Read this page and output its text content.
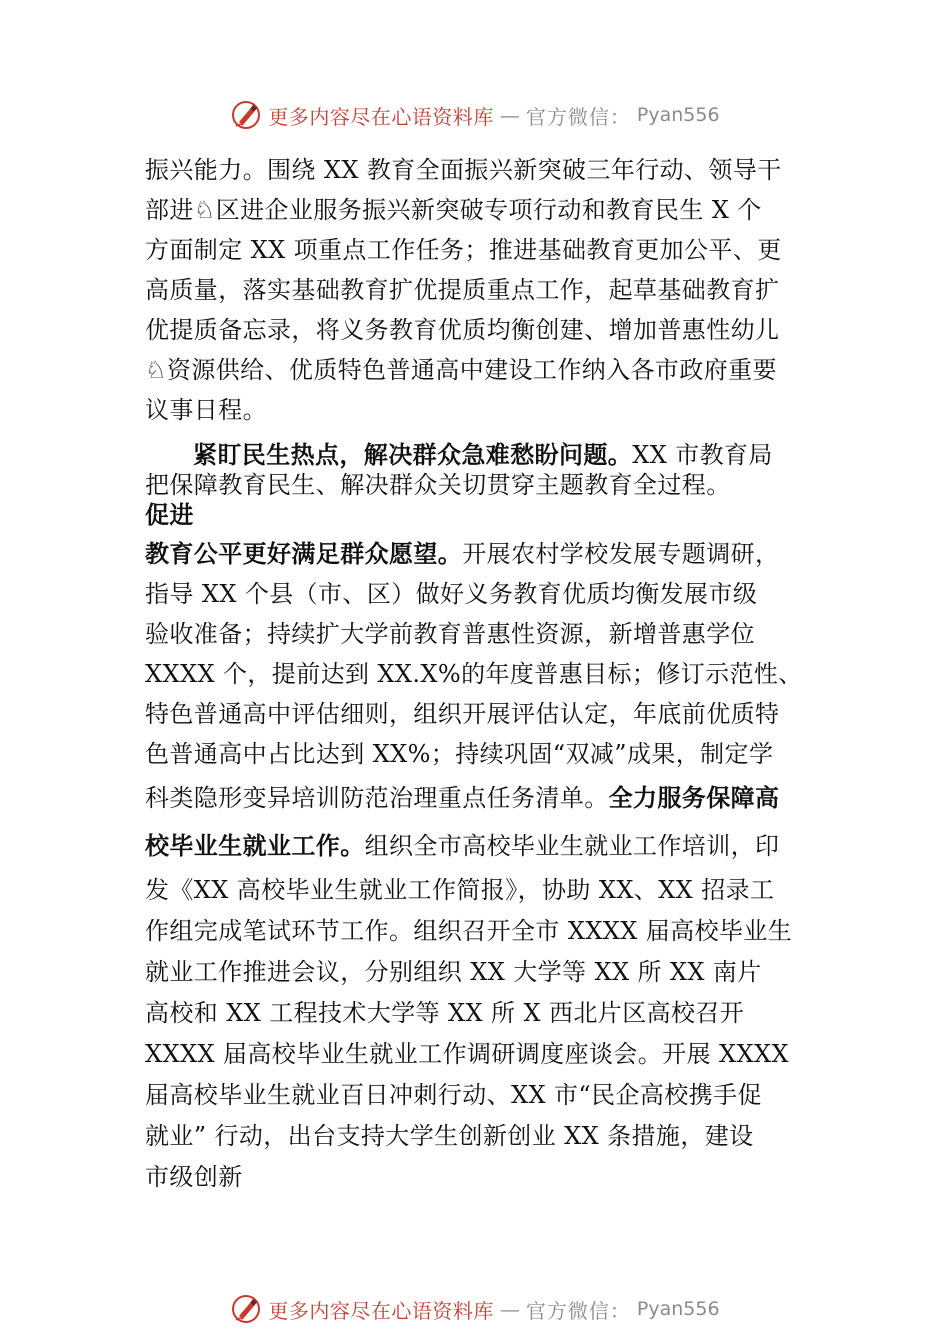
更多内容尽在心语资料库 — 官方微信： Pyan556

振兴能力。围绕 XX 教育全面振兴新突破三年行动、领导干
部进♘区进企业服务振兴新突破专项行动和教育民生 X 个
方面制定 XX 项重点工作任务；推进基础教育更加公平、更
高质量，落实基础教育扩优提质重点工作，起草基础教育扩
优提质备忘录，将义务教育优质均衡创建、增加普惠性幼儿
♘资源供给、优质特色普通高中建设工作纳入各市政府重要
议事日程。

紧盯民生热点，解决群众急难愁盼问题。XX 市教育局
把保障教育民生、解决群众关切贯穿主题教育全过程。

促进

教育公平更好满足群众愿望。开展农村学校发展专题调研，
指导 XX 个县（市、区）做好义务教育优质均衡发展市级
验收准备；持续扩大学前教育普惠性资源，新增普惠学位
XXXX 个，提前达到 XX.X%的年度普惠目标；修订示范性、
特色普通高中评估细则，组织开展评估认定，年底前优质特
色普通高中占比达到 XX%；持续巩固“双减”成果，制定学
科类隐形变异培训防范治理重点任务清单。全力服务保障高

校毕业生就业工作。组织全市高校毕业生就业工作培训，印
发《XX 高校毕业生就业工作简报》，协助 XX、XX 招录工
作组完成笔试环节工作。组织召开全市 XXXX 届高校毕业生
就业工作推进会议，分别组织 XX 大学等 XX 所 XX 南片
高校和 XX 工程技术大学等 XX 所 X 西北片区高校召开
XXXX 届高校毕业生就业工作调研调度座谈会。开展 XXXX
届高校毕业生就业百日冲刺行动、XX 市“民企高校携手促
就业” 行动，出台支持大学生创新创业 XX 条措施，建设
市级创新

更多内容尽在心语资料库 — 官方微信： Pyan556
